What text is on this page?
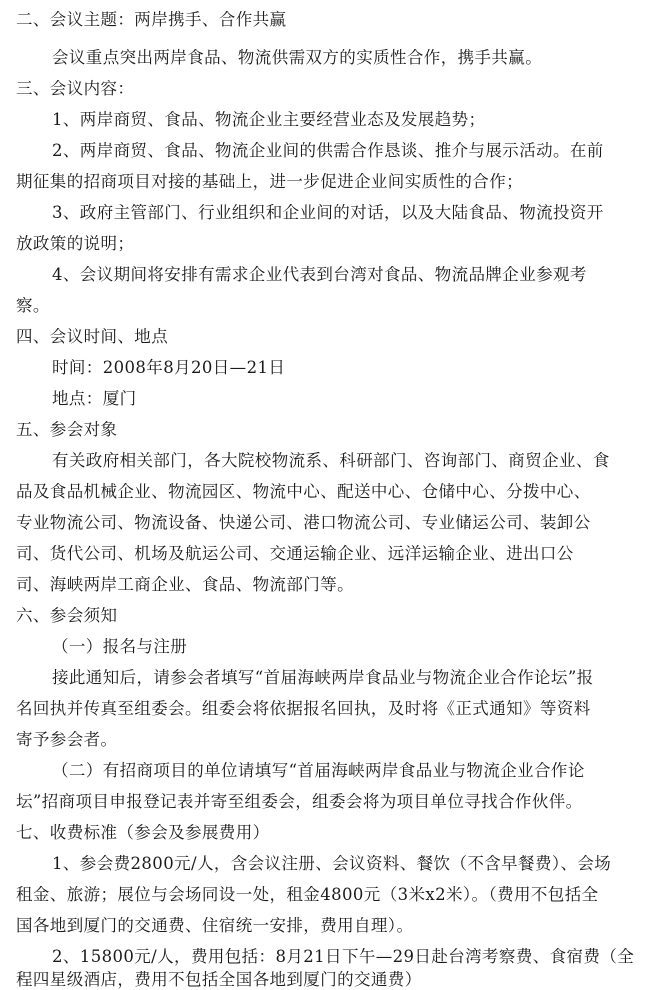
二、会议主题：两岸携手、合作共赢
会议重点突出两岸食品、物流供需双方的实质性合作，携手共赢。
三、会议内容：
1、两岸商贸、食品、物流企业主要经营业态及发展趋势；
2、两岸商贸、食品、物流企业间的供需合作恳谈、推介与展示活动。在前
期征集的招商项目对接的基础上，进一步促进企业间实质性的合作；
3、政府主管部门、行业组织和企业间的对话，以及大陆食品、物流投资开
放政策的说明；
4、会议期间将安排有需求企业代表到台湾对食品、物流品牌企业参观考
察。
四、会议时间、地点
时间：2008年8月20日—21日
地点：厦门
五、参会对象
有关政府相关部门，各大院校物流系、科研部门、咨询部门、商贸企业、食
品及食品机械企业、物流园区、物流中心、配送中心、仓储中心、分拨中心、
专业物流公司、物流设备、快递公司、港口物流公司、专业储运公司、装卸公
司、货代公司、机场及航运公司、交通运输企业、远洋运输企业、进出口公
司、海峡两岸工商企业、食品、物流部门等。
六、参会须知
（一）报名与注册
接此通知后，请参会者填写“首届海峡两岸食品业与物流企业合作论坛”报
名回执并传真至组委会。组委会将依据报名回执，及时将《正式通知》等资料
寄予参会者。
（二）有招商项目的单位请填写“首届海峡两岸食品业与物流企业合作论
坛”招商项目申报登记表并寄至组委会，组委会将为项目单位寻找合作伙伴。
七、收费标准（参会及参展费用）
1、参会费2800元/人，含会议注册、会议资料、餐饮（不含早餐费）、会场
租金、旅游；展位与会场同设一处，租金4800元（3米x2米）。（费用不包括全
国各地到厦门的交通费、住宿统一安排，费用自理）。
2、15800元/人，费用包括：8月21日下午—29日赴台湾考察费、食宿费（全
程四星级酒店，费用不包括全国各地到厦门的交通费）
